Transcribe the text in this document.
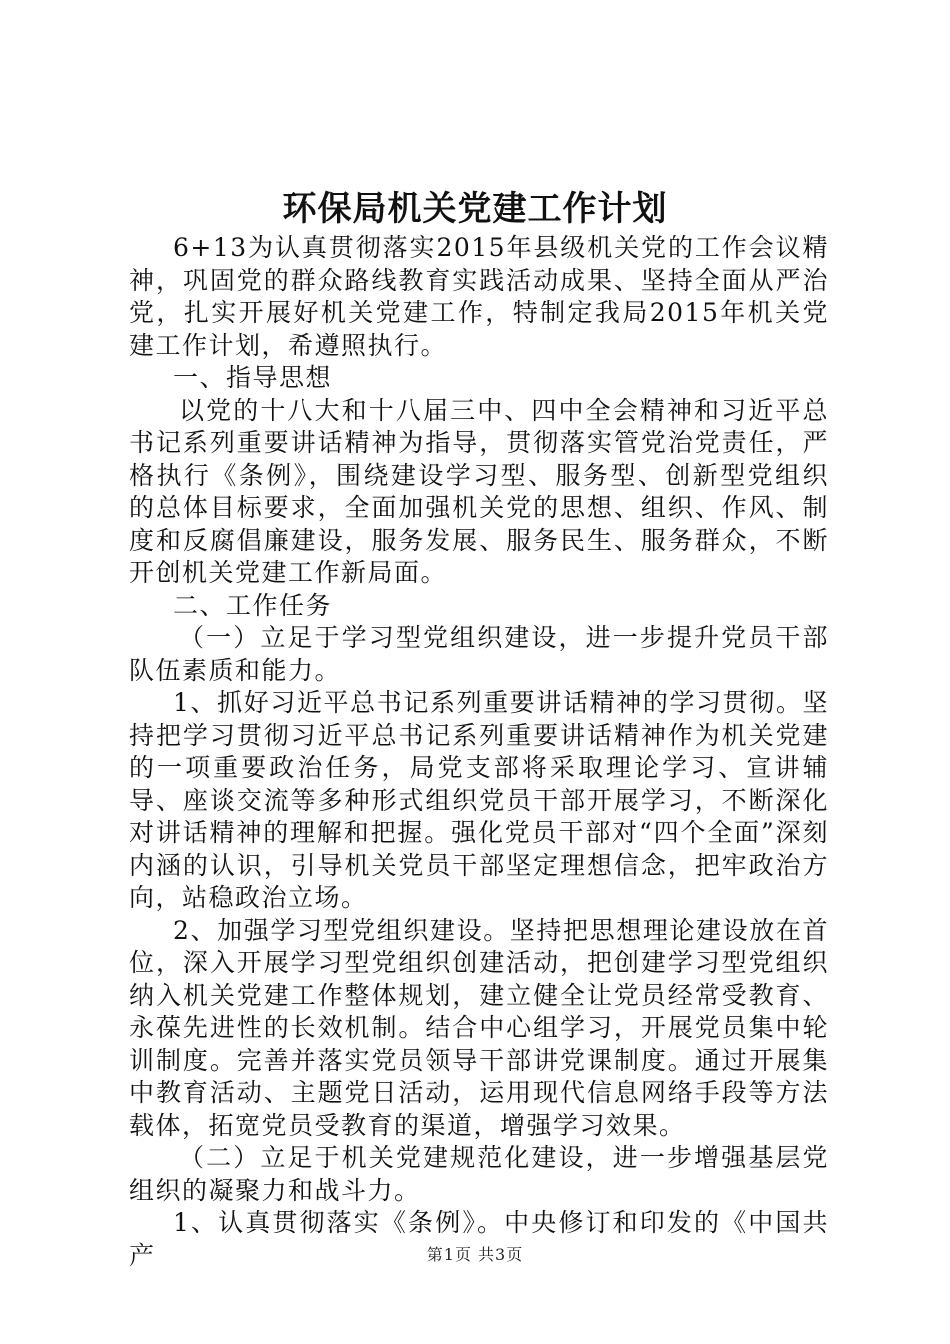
环保局机关党建工作计划

6+13为认真贯彻落实2015年县级机关党的工作会议精神，巩固党的群众路线教育实践活动成果、坚持全面从严治党，扎实开展好机关党建工作，特制定我局2015年机关党建工作计划，希遵照执行。

一、指导思想

以党的十八大和十八届三中、四中全会精神和习近平总书记系列重要讲话精神为指导，贯彻落实管党治党责任，严格执行《条例》，围绕建设学习型、服务型、创新型党组织的总体目标要求，全面加强机关党的思想、组织、作风、制度和反腐倡廉建设，服务发展、服务民生、服务群众，不断开创机关党建工作新局面。

二、工作任务

（一）立足于学习型党组织建设，进一步提升党员干部队伍素质和能力。

1、抓好习近平总书记系列重要讲话精神的学习贯彻。坚持把学习贯彻习近平总书记系列重要讲话精神作为机关党建的一项重要政治任务，局党支部将采取理论学习、宣讲辅导、座谈交流等多种形式组织党员干部开展学习，不断深化对讲话精神的理解和把握。强化党员干部对“四个全面”深刻内涵的认识，引导机关党员干部坚定理想信念，把牢政治方向，站稳政治立场。

2、加强学习型党组织建设。坚持把思想理论建设放在首位，深入开展学习型党组织创建活动，把创建学习型党组织纳入机关党建工作整体规划，建立健全让党员经常受教育、永葆先进性的长效机制。结合中心组学习，开展党员集中轮训制度。完善并落实党员领导干部讲党课制度。通过开展集中教育活动、主题党日活动，运用现代信息网络手段等方法载体，拓宽党员受教育的渠道，增强学习效果。

（二）立足于机关党建规范化建设，进一步增强基层党组织的凝聚力和战斗力。

1、认真贯彻落实《条例》。中央修订和印发的《中国共产	第1页 共3页
